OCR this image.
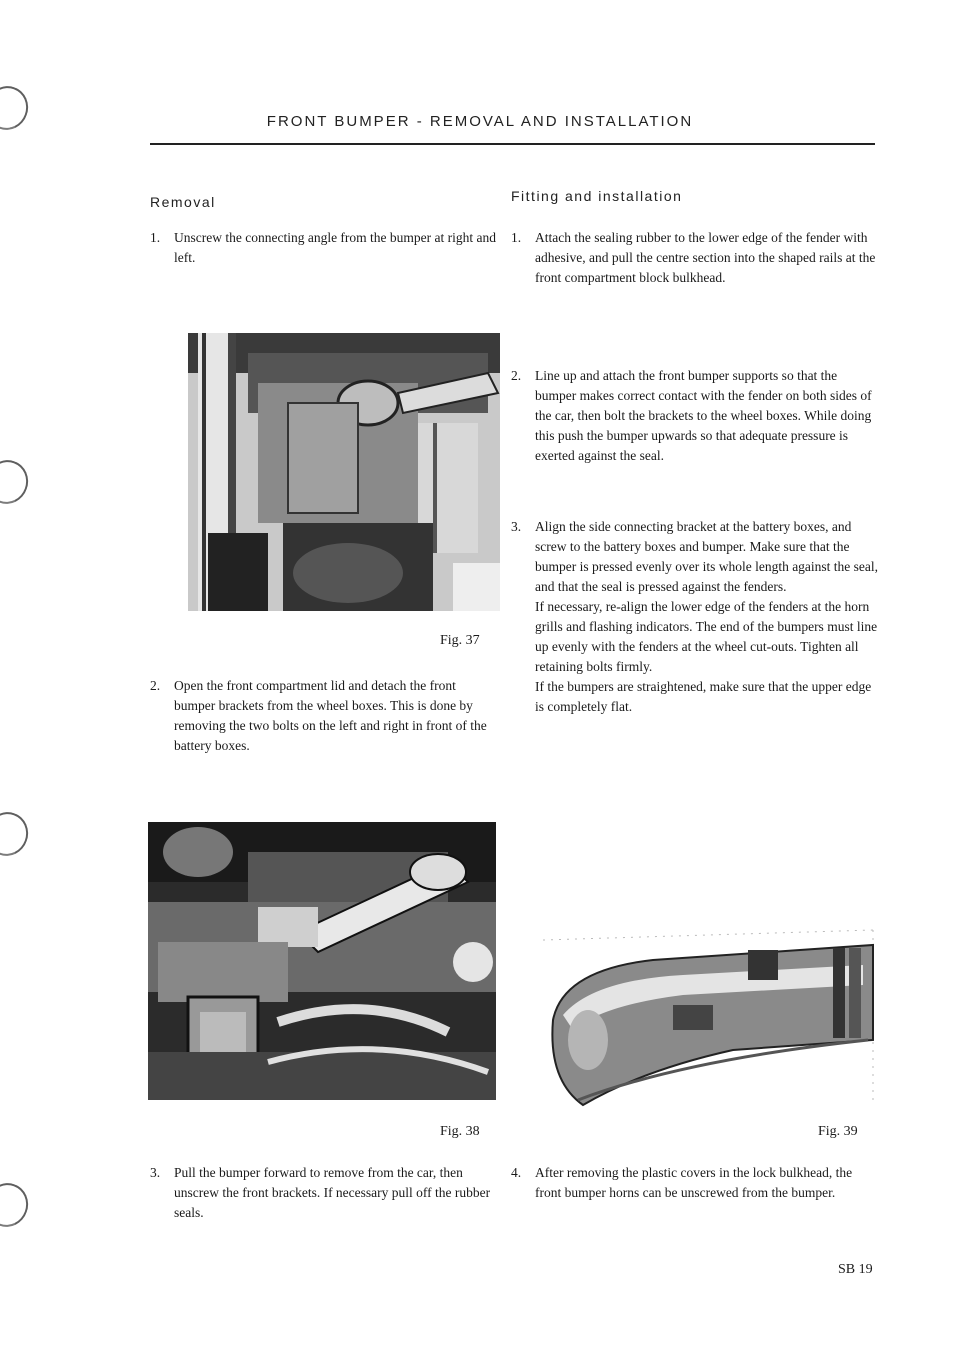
FRONT BUMPER - REMOVAL AND INSTALLATION
Removal
1.	Unscrew the connecting angle from the bumper at right and left.
Fig. 37
2.	Open the front compartment lid and detach the front bumper brackets from the wheel boxes. This is done by removing the two bolts on the left and right in front of the battery boxes.
Fig. 38
3.	Pull the bumper forward to remove from the car, then unscrew the front brackets. If necessary pull off the rubber seals.
Fitting and installation
1.	Attach the sealing rubber to the lower edge of the fender with adhesive, and pull the centre section into the shaped rails at the front compartment block bulkhead.
2.	Line up and attach the front bumper supports so that the bumper makes correct contact with the fender on both sides of the car, then bolt the brackets to the wheel boxes. While doing this push the bumper upwards so that adequate pressure is exerted against the seal.
3.	Align the side connecting bracket at the battery boxes, and screw to the battery boxes and bumper. Make sure that the bumper is pressed evenly over its whole length against the seal, and that the seal is pressed against the fenders.
If necessary, re-align the lower edge of the fenders at the horn grills and flashing indicators. The end of the bumpers must line up evenly with the fenders at the wheel cut-outs. Tighten all retaining bolts firmly.
If the bumpers are straightened, make sure that the upper edge is completely flat.
Fig. 39
4.	After removing the plastic covers in the lock bulkhead, the front bumper horns can be unscrewed from the bumper.
SB 19
